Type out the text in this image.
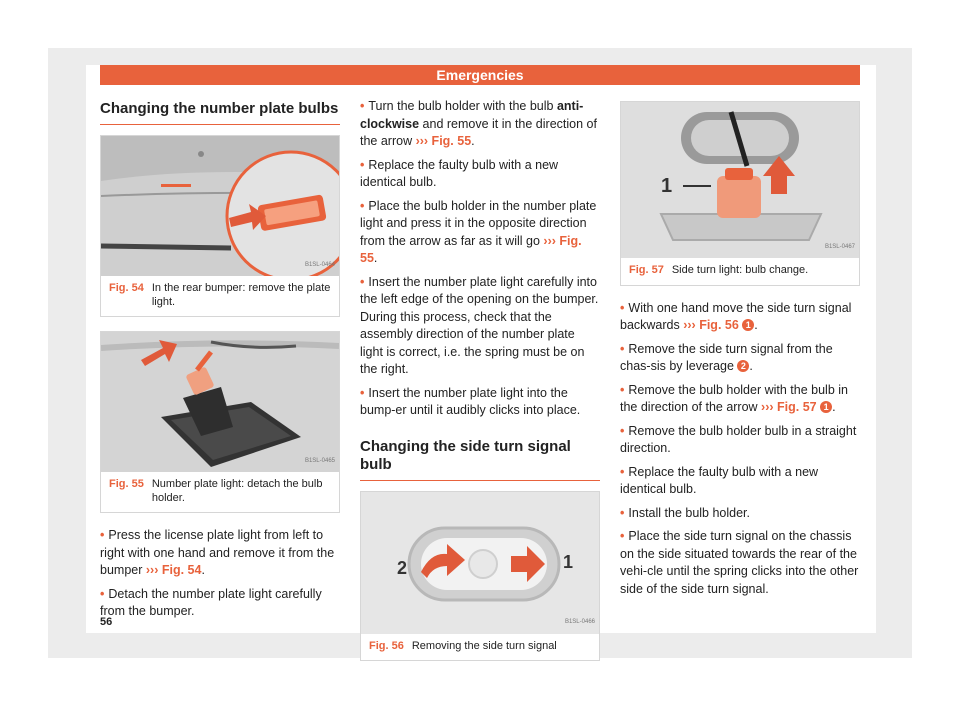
Emergencies
Changing the number plate bulbs
B1SL-0464
Fig. 54 In the rear bumper: remove the plate light.
B1SL-0465
Fig. 55 Number plate light: detach the bulb holder.

• Press the license plate light from left to right with one hand and remove it from the bumper ››› Fig. 54.

• Detach the number plate light carefully from the bumper.

• Turn the bulb holder with the bulb anti-clockwise and remove it in the direction of the arrow ››› Fig. 55.

• Replace the faulty bulb with a new identical bulb.

• Place the bulb holder in the number plate light and press it in the opposite direction from the arrow as far as it will go ››› Fig. 55.

• Insert the number plate light carefully into the left edge of the opening on the bumper. During this process, check that the assembly direction of the number plate light is correct, i.e. the spring must be on the right.

• Insert the number plate light into the bump-er until it audibly clicks into place.

Changing the side turn signal bulb
2	1
B1SL-0466
Fig. 56 Removing the side turn signal
1
B1SL-0467
Fig. 57 Side turn light: bulb change.

• With one hand move the side turn signal backwards ››› Fig. 56 1 .

• Remove the side turn signal from the chas-sis by leverage 2 .

• Remove the bulb holder with the bulb in the direction of the arrow ››› Fig. 57 1 .

• Remove the bulb holder bulb in a straight direction.

• Replace the faulty bulb with a new identical bulb.

• Install the bulb holder.

• Place the side turn signal on the chassis on the side situated towards the rear of the vehi-cle until the spring clicks into the other side of the side turn signal.

56
